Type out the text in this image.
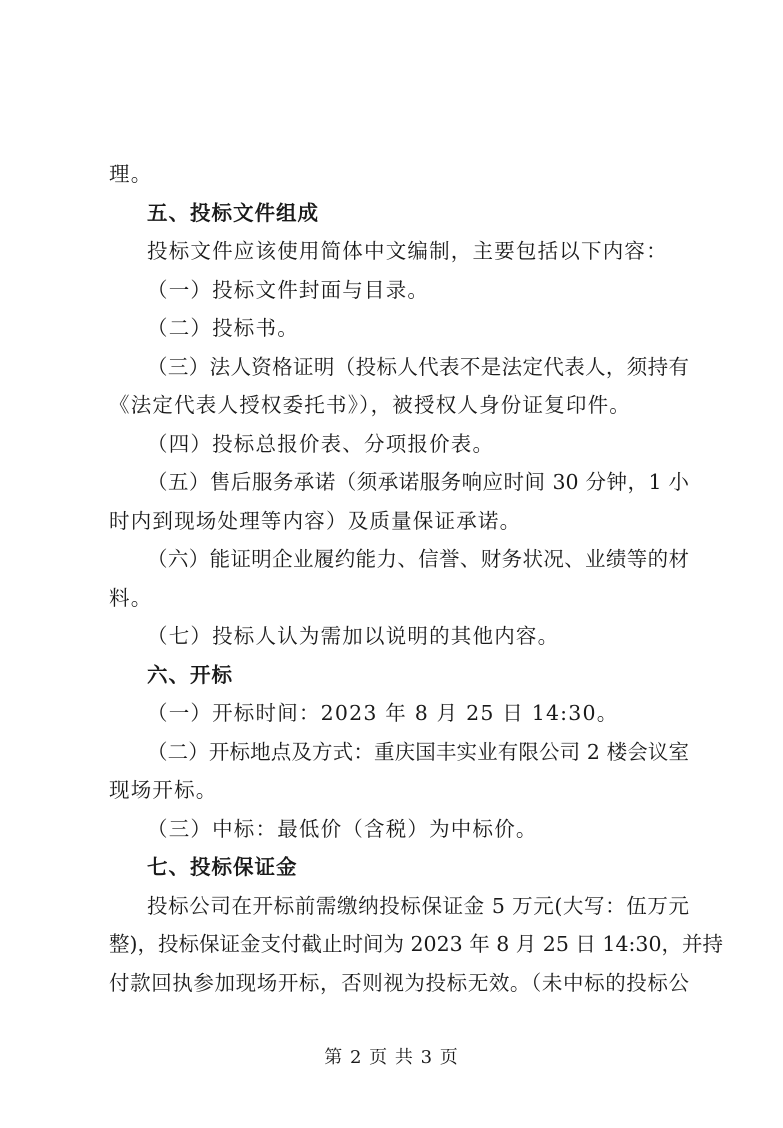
理。
五、投标文件组成
投标文件应该使用简体中文编制，主要包括以下内容：
（一）投标文件封面与目录。
（二）投标书。
（三）法人资格证明（投标人代表不是法定代表人，须持有
《法定代表人授权委托书》），被授权人身份证复印件。
（四）投标总报价表、分项报价表。
（五）售后服务承诺（须承诺服务响应时间 30 分钟，1 小
时内到现场处理等内容）及质量保证承诺。
（六）能证明企业履约能力、信誉、财务状况、业绩等的材
料。
（七）投标人认为需加以说明的其他内容。
六、开标
（一）开标时间：2023 年 8 月 25 日 14:30。
（二）开标地点及方式：重庆国丰实业有限公司 2 楼会议室
现场开标。
（三）中标：最低价（含税）为中标价。
七、投标保证金
投标公司在开标前需缴纳投标保证金 5 万元(大写：伍万元
整)，投标保证金支付截止时间为 2023 年 8 月 25 日 14:30，并持
付款回执参加现场开标，否则视为投标无效。（未中标的投标公
第 2 页 共 3 页
